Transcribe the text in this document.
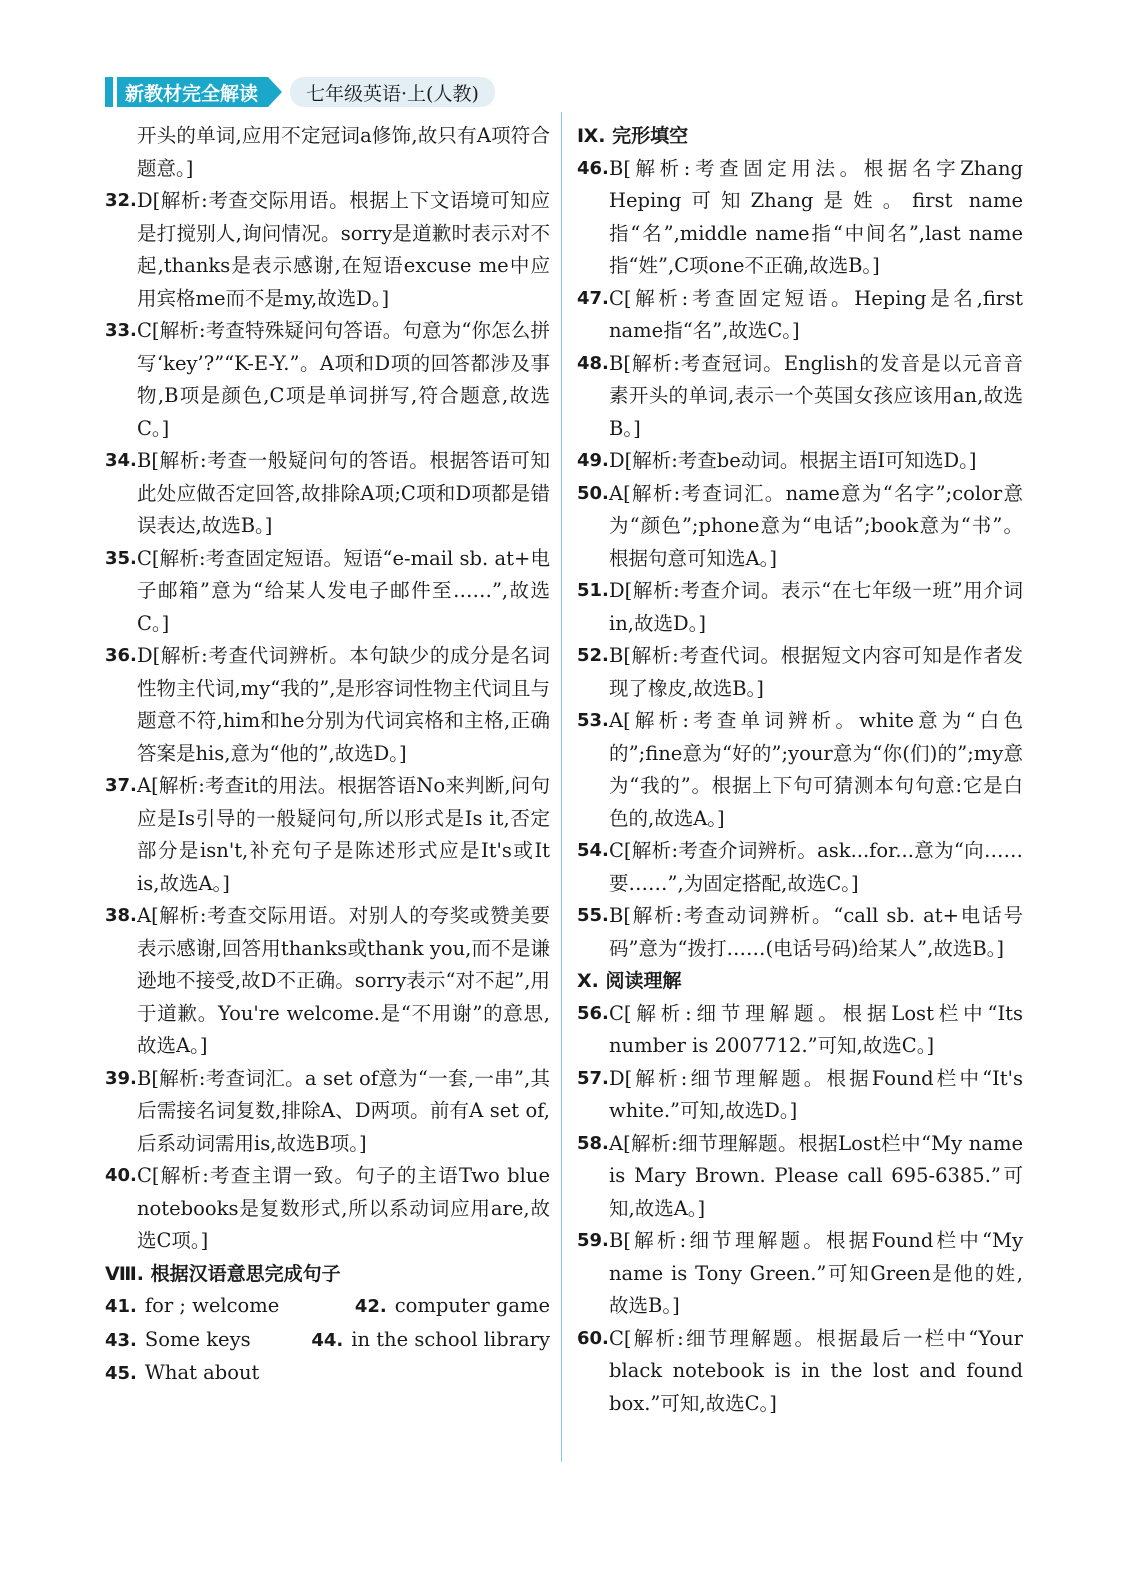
新教材完全解读	七年级英语·上(人教)
开头的单词,应用不定冠词a修饰,故只有A项符合题意。]
32. D[解析:考查交际用语。根据上下文语境可知应是打搅别人,询问情况。sorry是道歉时表示对不起,thanks是表示感谢,在短语excuse me中应用宾格me而不是my,故选D。]
33. C[解析:考查特殊疑问句答语。句意为“你怎么拼写‘key’?”“K-E-Y.”。A项和D项的回答都涉及事物,B项是颜色,C项是单词拼写,符合题意,故选C。]
34. B[解析:考查一般疑问句的答语。根据答语可知此处应做否定回答,故排除A项;C项和D项都是错误表达,故选B。]
35. C[解析:考查固定短语。短语“e-mail sb. at+电子邮箱”意为“给某人发电子邮件至……”,故选C。]
36. D[解析:考查代词辨析。本句缺少的成分是名词性物主代词,my“我的”,是形容词性物主代词且与题意不符,him和he分别为代词宾格和主格,正确答案是his,意为“他的”,故选D。]
37. A[解析:考查it的用法。根据答语No来判断,问句应是Is引导的一般疑问句,所以形式是Is it,否定部分是isn't,补充句子是陈述形式应是It's或It is,故选A。]
38. A[解析:考查交际用语。对别人的夸奖或赞美要表示感谢,回答用thanks或thank you,而不是谦逊地不接受,故D不正确。sorry表示“对不起”,用于道歉。You're welcome.是“不用谢”的意思,故选A。]
39. B[解析:考查词汇。a set of意为“一套,一串”,其后需接名词复数,排除A、D两项。前有A set of,后系动词需用is,故选B项。]
40. C[解析:考查主谓一致。句子的主语Two blue notebooks是复数形式,所以系动词应用are,故选C项。]
Ⅷ. 根据汉语意思完成句子
41. for ; welcome	42. computer game
43. Some keys	44. in the school library
45. What about
Ⅸ. 完形填空
46. B[解析:考查固定用法。根据名字Zhang Heping可知Zhang是姓。first name指“名”,middle name指“中间名”,last name指“姓”,C项one不正确,故选B。]
47. C[解析:考查固定短语。Heping是名,first name指“名”,故选C。]
48. B[解析:考查冠词。English的发音是以元音音素开头的单词,表示一个英国女孩应该用an,故选B。]
49. D[解析:考查be动词。根据主语I可知选D。]
50. A[解析:考查词汇。name意为“名字”;color意为“颜色”;phone意为“电话”;book意为“书”。根据句意可知选A。]
51. D[解析:考查介词。表示“在七年级一班”用介词in,故选D。]
52. B[解析:考查代词。根据短文内容可知是作者发现了橡皮,故选B。]
53. A[解析:考查单词辨析。white意为“白色的”;fine意为“好的”;your意为“你(们)的”;my意为“我的”。根据上下句可猜测本句句意:它是白色的,故选A。]
54. C[解析:考查介词辨析。ask...for...意为“向……要……”,为固定搭配,故选C。]
55. B[解析:考查动词辨析。“call sb. at+电话号码”意为“拨打……(电话号码)给某人”,故选B。]
Ⅹ. 阅读理解
56. C[解析:细节理解题。根据Lost栏中“Its number is 2007712.”可知,故选C。]
57. D[解析:细节理解题。根据Found栏中“It's white.”可知,故选D。]
58. A[解析:细节理解题。根据Lost栏中“My name is Mary Brown. Please call 695-6385.”可知,故选A。]
59. B[解析:细节理解题。根据Found栏中“My name is Tony Green.”可知Green是他的姓,故选B。]
60. C[解析:细节理解题。根据最后一栏中“Your black notebook is in the lost and found box.”可知,故选C。]
